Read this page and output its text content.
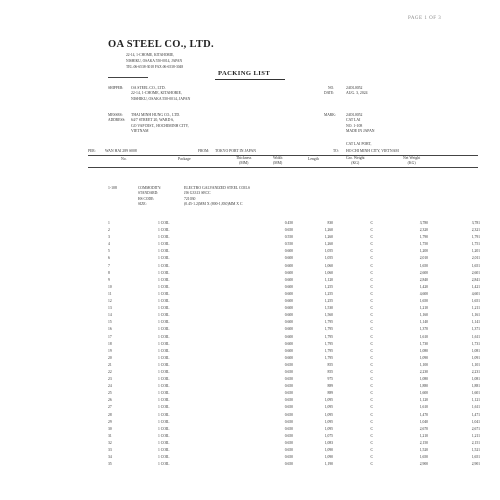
PAGE 1 OF 3
OA STEEL CO., LTD.
22-14, 1-CHOME, KITAHORIE,
NISHIKU, OSAKA 550-0014, JAPAN
TEL:06-6538-3018 FAX:06-6538-3048
PACKING LIST
SHIPPER: OA STEEL CO., LTD.
22-14, 1-CHOME, KITAHORIE,
NISHIKU, OSAKA 550-0014, JAPAN
NO.	24OL0052
DATE:	AUG. 3, 2024
MESSRS:
ADDRESS:
THAI MINH HUNG CO., LTD.
64/7 STREET 20, WARD 6,
GO VAP DIST., HOCHIMINH CITY,
VIETNAM
MARK:	24OL0052
CAT LAI
NO. 1-108
MADE IN JAPAN
CAT LAI PORT,
PER: WAN HAI 289 S008	FROM: TOKYO PORT IN JAPAN	TO: HO CHI MINH CITY, VIETNAM
No.	Package	Thickness
(MM)
Width
(MM)
Length	Gro. Weight
(KG)
Net Weight
(KG)
1-108	COMMODITY:
STANDARD:
HS CODE:
SIZE:
ELECTRO GALVANIZED STEEL COILS
JIS G3313 SECC
721030
(0.45-1.2)MM X (800-1,830)MM X C
1	1 COIL	0.450	830	C	3,780	3,781
2	1 COIL	0.650	1,260	C	2,320	2,321
3	1 COIL	0.550	1,260	C	1,790	1,791
4	1 COIL	0.550	1,260	C	1,750	1,751
5	1 COIL	0.600	1,055	C	1,200	1,201
6	1 COIL	0.600	1,055	C	2,010	2,011
7	1 COIL	0.600	1,060	C	1,650	1,651
8	1 COIL	0.600	1,060	C	2,600	2,601
9	1 COIL	0.600	1,120	C	2,840	2,841
10	1 COIL	0.600	1,255	C	1,420	1,421
11	1 COIL	0.600	1,255	C	4,600	4,601
12	1 COIL	0.600	1,255	C	1,650	1,651
13	1 COIL	0.600	1,530	C	1,210	1,211
14	1 COIL	0.600	1,560	C	1,160	1,161
15	1 COIL	0.600	1,795	C	1,140	1,141
16	1 COIL	0.600	1,795	C	1,370	1,371
17	1 COIL	0.600	1,795	C	1,610	1,611
18	1 COIL	0.600	1,795	C	1,730	1,731
19	1 COIL	0.600	1,795	C	1,080	1,081
20	1 COIL	0.600	1,795	C	1,090	1,091
21	1 COIL	0.650	855	C	1,100	1,101
22	1 COIL	0.650	855	C	2,230	2,231
23	1 COIL	0.650	975	C	1,080	1,081
24	1 COIL	0.650	889	C	1,880	1,881
25	1 COIL	0.650	889	C	1,600	1,601
26	1 COIL	0.650	1,095	C	1,120	1,121
27	1 COIL	0.650	1,095	C	1,610	1,611
28	1 COIL	0.650	1,095	C	1,470	1,471
29	1 COIL	0.650	1,095	C	1,040	1,041
30	1 COIL	0.650	1,095	C	2,670	2,671
31	1 COIL	0.650	1,075	C	1,210	1,211
32	1 COIL	0.650	1,083	C	2,150	2,151
33	1 COIL	0.650	1,090	C	1,520	1,521
34	1 COIL	0.650	1,090	C	1,650	1,651
35	1 COIL	0.650	1,190	C	2,900	2,901
